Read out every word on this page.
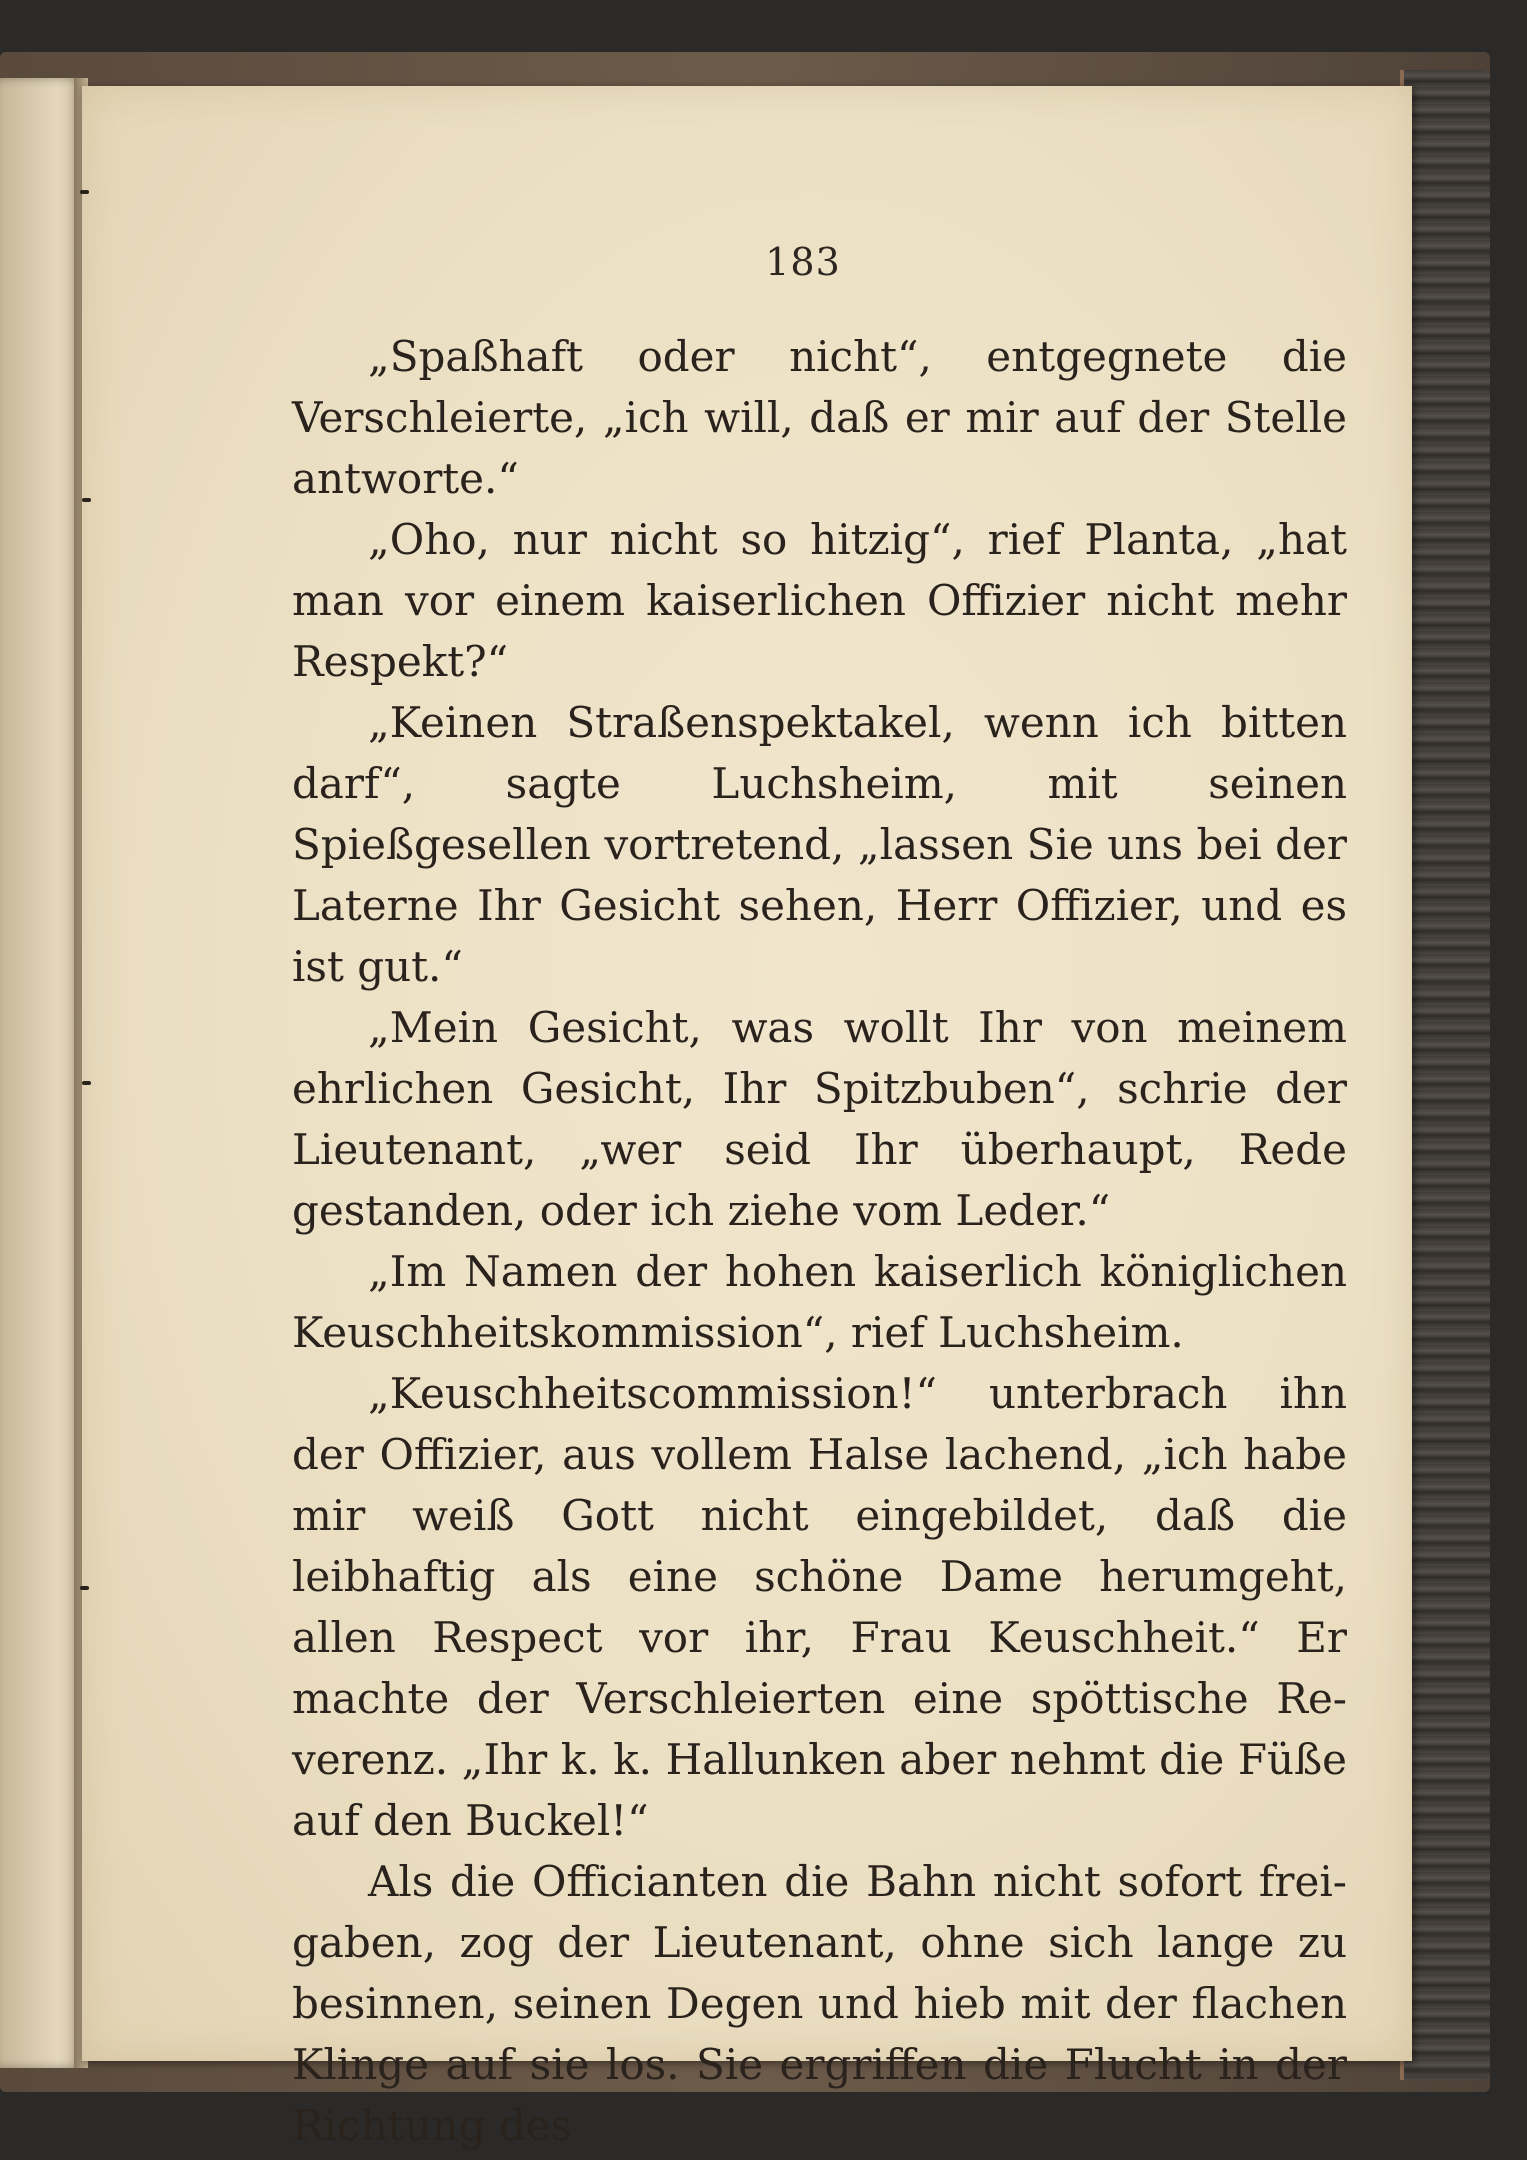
183

„Spaßhaft oder nicht“, entgegnete die Verschleierte, „ich will, daß er mir auf der Stelle antworte.“

„Oho, nur nicht so hitzig“, rief Planta, „hat man vor einem kaiserlichen Offizier nicht mehr Respekt?“

„Keinen Straßenspektakel, wenn ich bitten darf“, sagte Luchsheim, mit seinen Spießgesellen vortretend, „lassen Sie uns bei der Laterne Ihr Gesicht sehen, Herr Offizier, und es ist gut.“

„Mein Gesicht, was wollt Ihr von meinem ehrlichen Gesicht, Ihr Spitzbuben“, schrie der Lieutenant, „wer seid Ihr überhaupt, Rede gestanden, oder ich ziehe vom Leder.“

„Im Namen der hohen kaiserlich königlichen Keuschheitskommission“, rief Luchsheim.

„Keuschheitscommission!“ unterbrach ihn der Offizier, aus vollem Halse lachend, „ich habe mir weiß Gott nicht eingebildet, daß die leibhaftig als eine schöne Dame herumgeht, allen Respect vor ihr, Frau Keuschheit.“ Er machte der Verschleierten eine spöttische Reverenz. „Ihr k. k. Hallunken aber nehmt die Füße auf den Buckel!“

Als die Officianten die Bahn nicht sofort freigaben, zog der Lieutenant, ohne sich lange zu besinnen, seinen Degen und hieb mit der flachen Klinge auf sie los. Sie ergriffen die Flucht in der Richtung des
